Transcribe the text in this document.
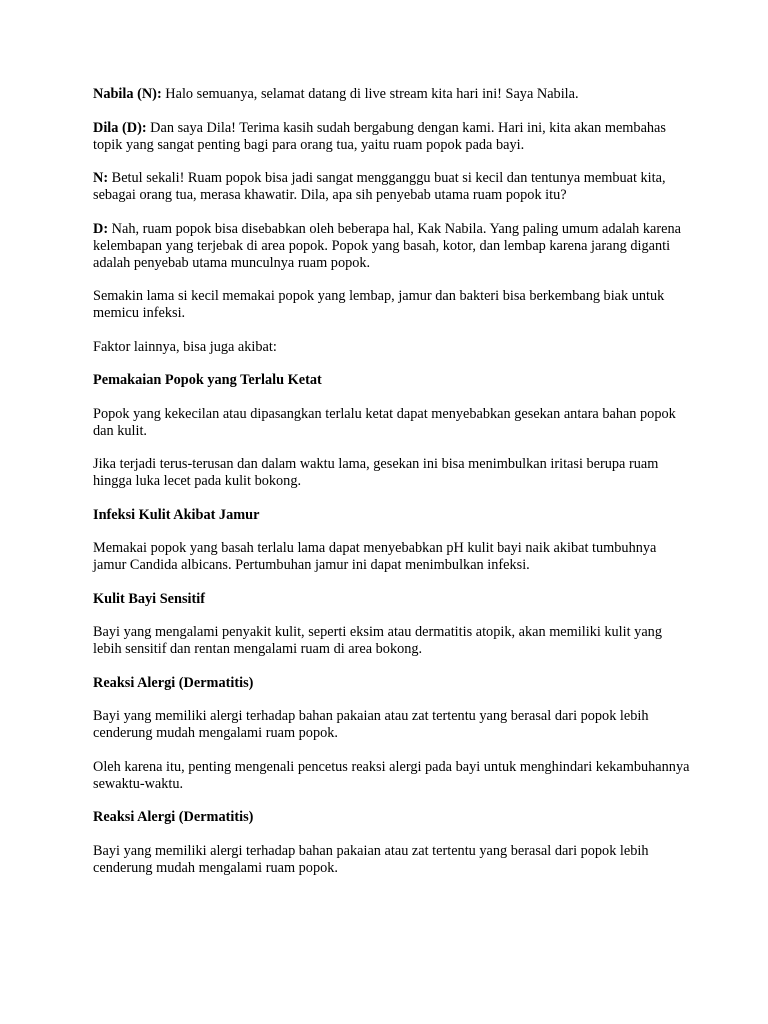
Nabila (N): Halo semuanya, selamat datang di live stream kita hari ini! Saya Nabila.

Dila (D): Dan saya Dila! Terima kasih sudah bergabung dengan kami. Hari ini, kita akan membahas topik yang sangat penting bagi para orang tua, yaitu ruam popok pada bayi.

N: Betul sekali! Ruam popok bisa jadi sangat mengganggu buat si kecil dan tentunya membuat kita, sebagai orang tua, merasa khawatir. Dila, apa sih penyebab utama ruam popok itu?

D: Nah, ruam popok bisa disebabkan oleh beberapa hal, Kak Nabila. Yang paling umum adalah karena kelembapan yang terjebak di area popok. Popok yang basah, kotor, dan lembap karena jarang diganti adalah penyebab utama munculnya ruam popok.

Semakin lama si kecil memakai popok yang lembap, jamur dan bakteri bisa berkembang biak untuk memicu infeksi.

Faktor lainnya, bisa juga akibat:

Pemakaian Popok yang Terlalu Ketat

Popok yang kekecilan atau dipasangkan terlalu ketat dapat menyebabkan gesekan antara bahan popok dan kulit.

Jika terjadi terus-terusan dan dalam waktu lama, gesekan ini bisa menimbulkan iritasi berupa ruam hingga luka lecet pada kulit bokong.

Infeksi Kulit Akibat Jamur

Memakai popok yang basah terlalu lama dapat menyebabkan pH kulit bayi naik akibat tumbuhnya jamur Candida albicans. Pertumbuhan jamur ini dapat menimbulkan infeksi.

Kulit Bayi Sensitif

Bayi yang mengalami penyakit kulit, seperti eksim atau dermatitis atopik, akan memiliki kulit yang lebih sensitif dan rentan mengalami ruam di area bokong.

Reaksi Alergi (Dermatitis)

Bayi yang memiliki alergi terhadap bahan pakaian atau zat tertentu yang berasal dari popok lebih cenderung mudah mengalami ruam popok.

Oleh karena itu, penting mengenali pencetus reaksi alergi pada bayi untuk menghindari kekambuhannya sewaktu-waktu.

Reaksi Alergi (Dermatitis)

Bayi yang memiliki alergi terhadap bahan pakaian atau zat tertentu yang berasal dari popok lebih cenderung mudah mengalami ruam popok.
